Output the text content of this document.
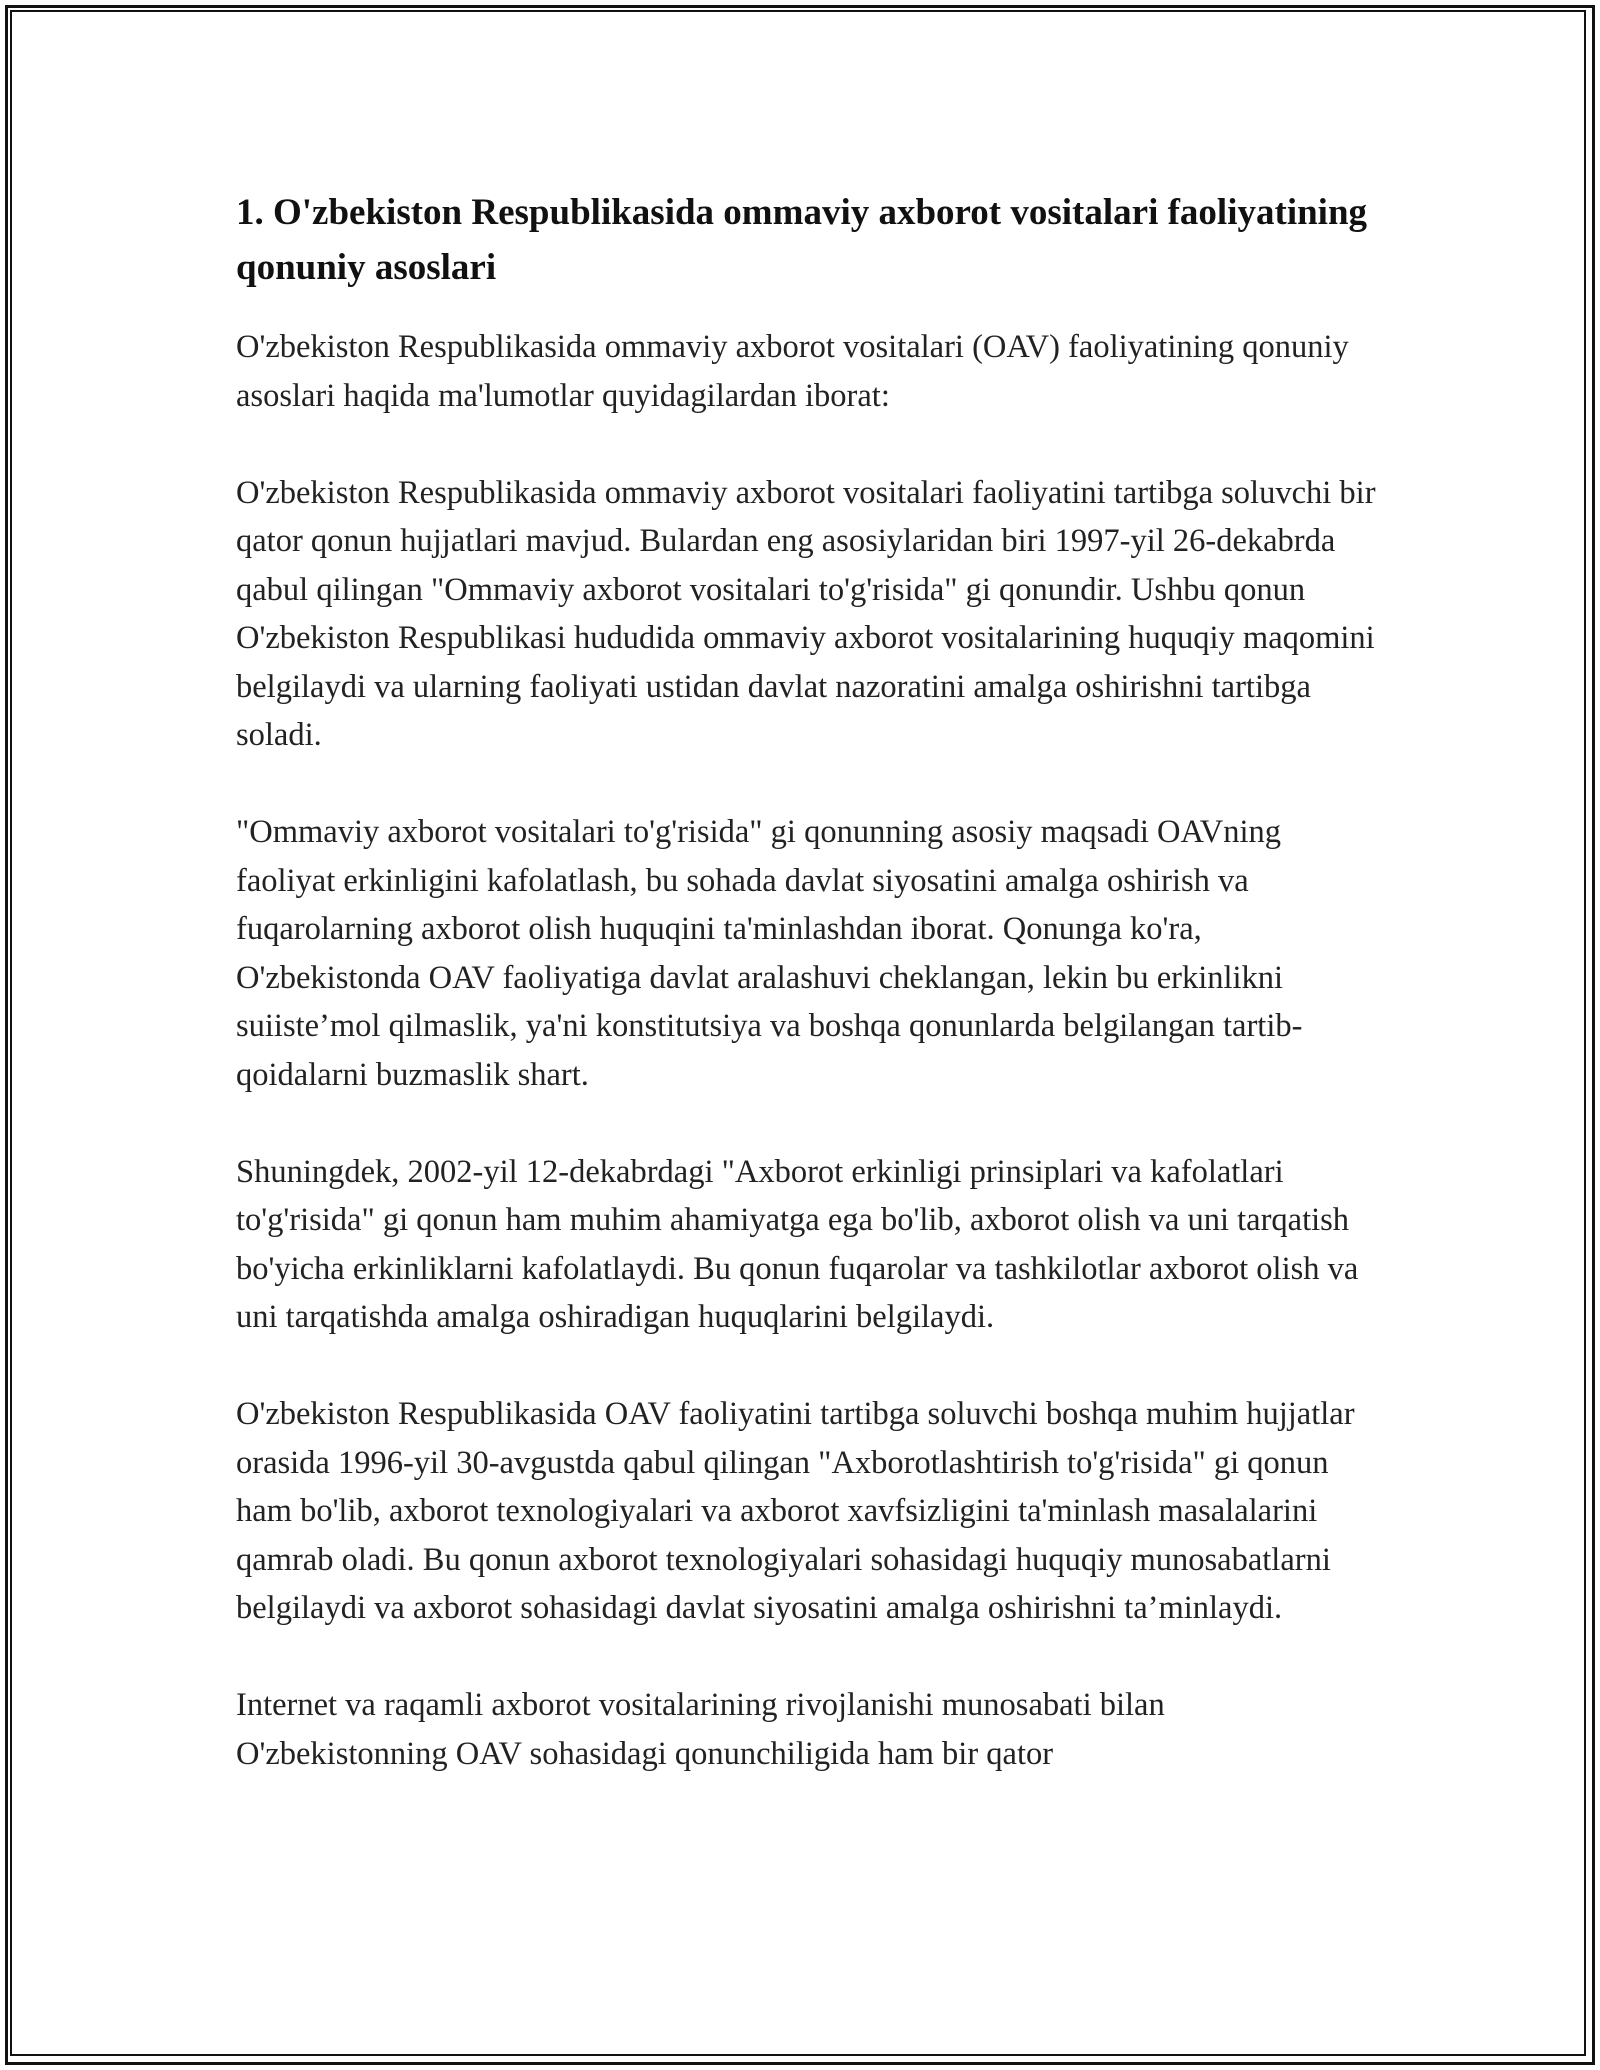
1. O'zbekiston Respublikasida ommaviy axborot vositalari faoliyatining qonuniy asoslari

O'zbekiston Respublikasida ommaviy axborot vositalari (OAV) faoliyatining qonuniy asoslari haqida ma'lumotlar quyidagilardan iborat:

O'zbekiston Respublikasida ommaviy axborot vositalari faoliyatini tartibga soluvchi bir qator qonun hujjatlari mavjud. Bulardan eng asosiylaridan biri 1997-yil 26-dekabrda qabul qilingan "Ommaviy axborot vositalari to'g'risida" gi qonundir. Ushbu qonun O'zbekiston Respublikasi hududida ommaviy axborot vositalarining huquqiy maqomini belgilaydi va ularning faoliyati ustidan davlat nazoratini amalga oshirishni tartibga soladi.

"Ommaviy axborot vositalari to'g'risida" gi qonunning asosiy maqsadi OAVning faoliyat erkinligini kafolatlash, bu sohada davlat siyosatini amalga oshirish va fuqarolarning axborot olish huquqini ta'minlashdan iborat. Qonunga ko'ra, O'zbekistonda OAV faoliyatiga davlat aralashuvi cheklangan, lekin bu erkinlikni suiiste’mol qilmaslik, ya'ni konstitutsiya va boshqa qonunlarda belgilangan tartib-qoidalarni buzmaslik shart.

Shuningdek, 2002-yil 12-dekabrdagi "Axborot erkinligi prinsiplari va kafolatlari to'g'risida" gi qonun ham muhim ahamiyatga ega bo'lib, axborot olish va uni tarqatish bo'yicha erkinliklarni kafolatlaydi. Bu qonun fuqarolar va tashkilotlar axborot olish va uni tarqatishda amalga oshiradigan huquqlarini belgilaydi.

O'zbekiston Respublikasida OAV faoliyatini tartibga soluvchi boshqa muhim hujjatlar orasida 1996-yil 30-avgustda qabul qilingan "Axborotlashtirish to'g'risida" gi qonun ham bo'lib, axborot texnologiyalari va axborot xavfsizligini ta'minlash masalalarini qamrab oladi. Bu qonun axborot texnologiyalari sohasidagi huquqiy munosabatlarni belgilaydi va axborot sohasidagi davlat siyosatini amalga oshirishni ta’minlaydi.

Internet va raqamli axborot vositalarining rivojlanishi munosabati bilan O'zbekistonning OAV sohasidagi qonunchiligida ham bir qator
